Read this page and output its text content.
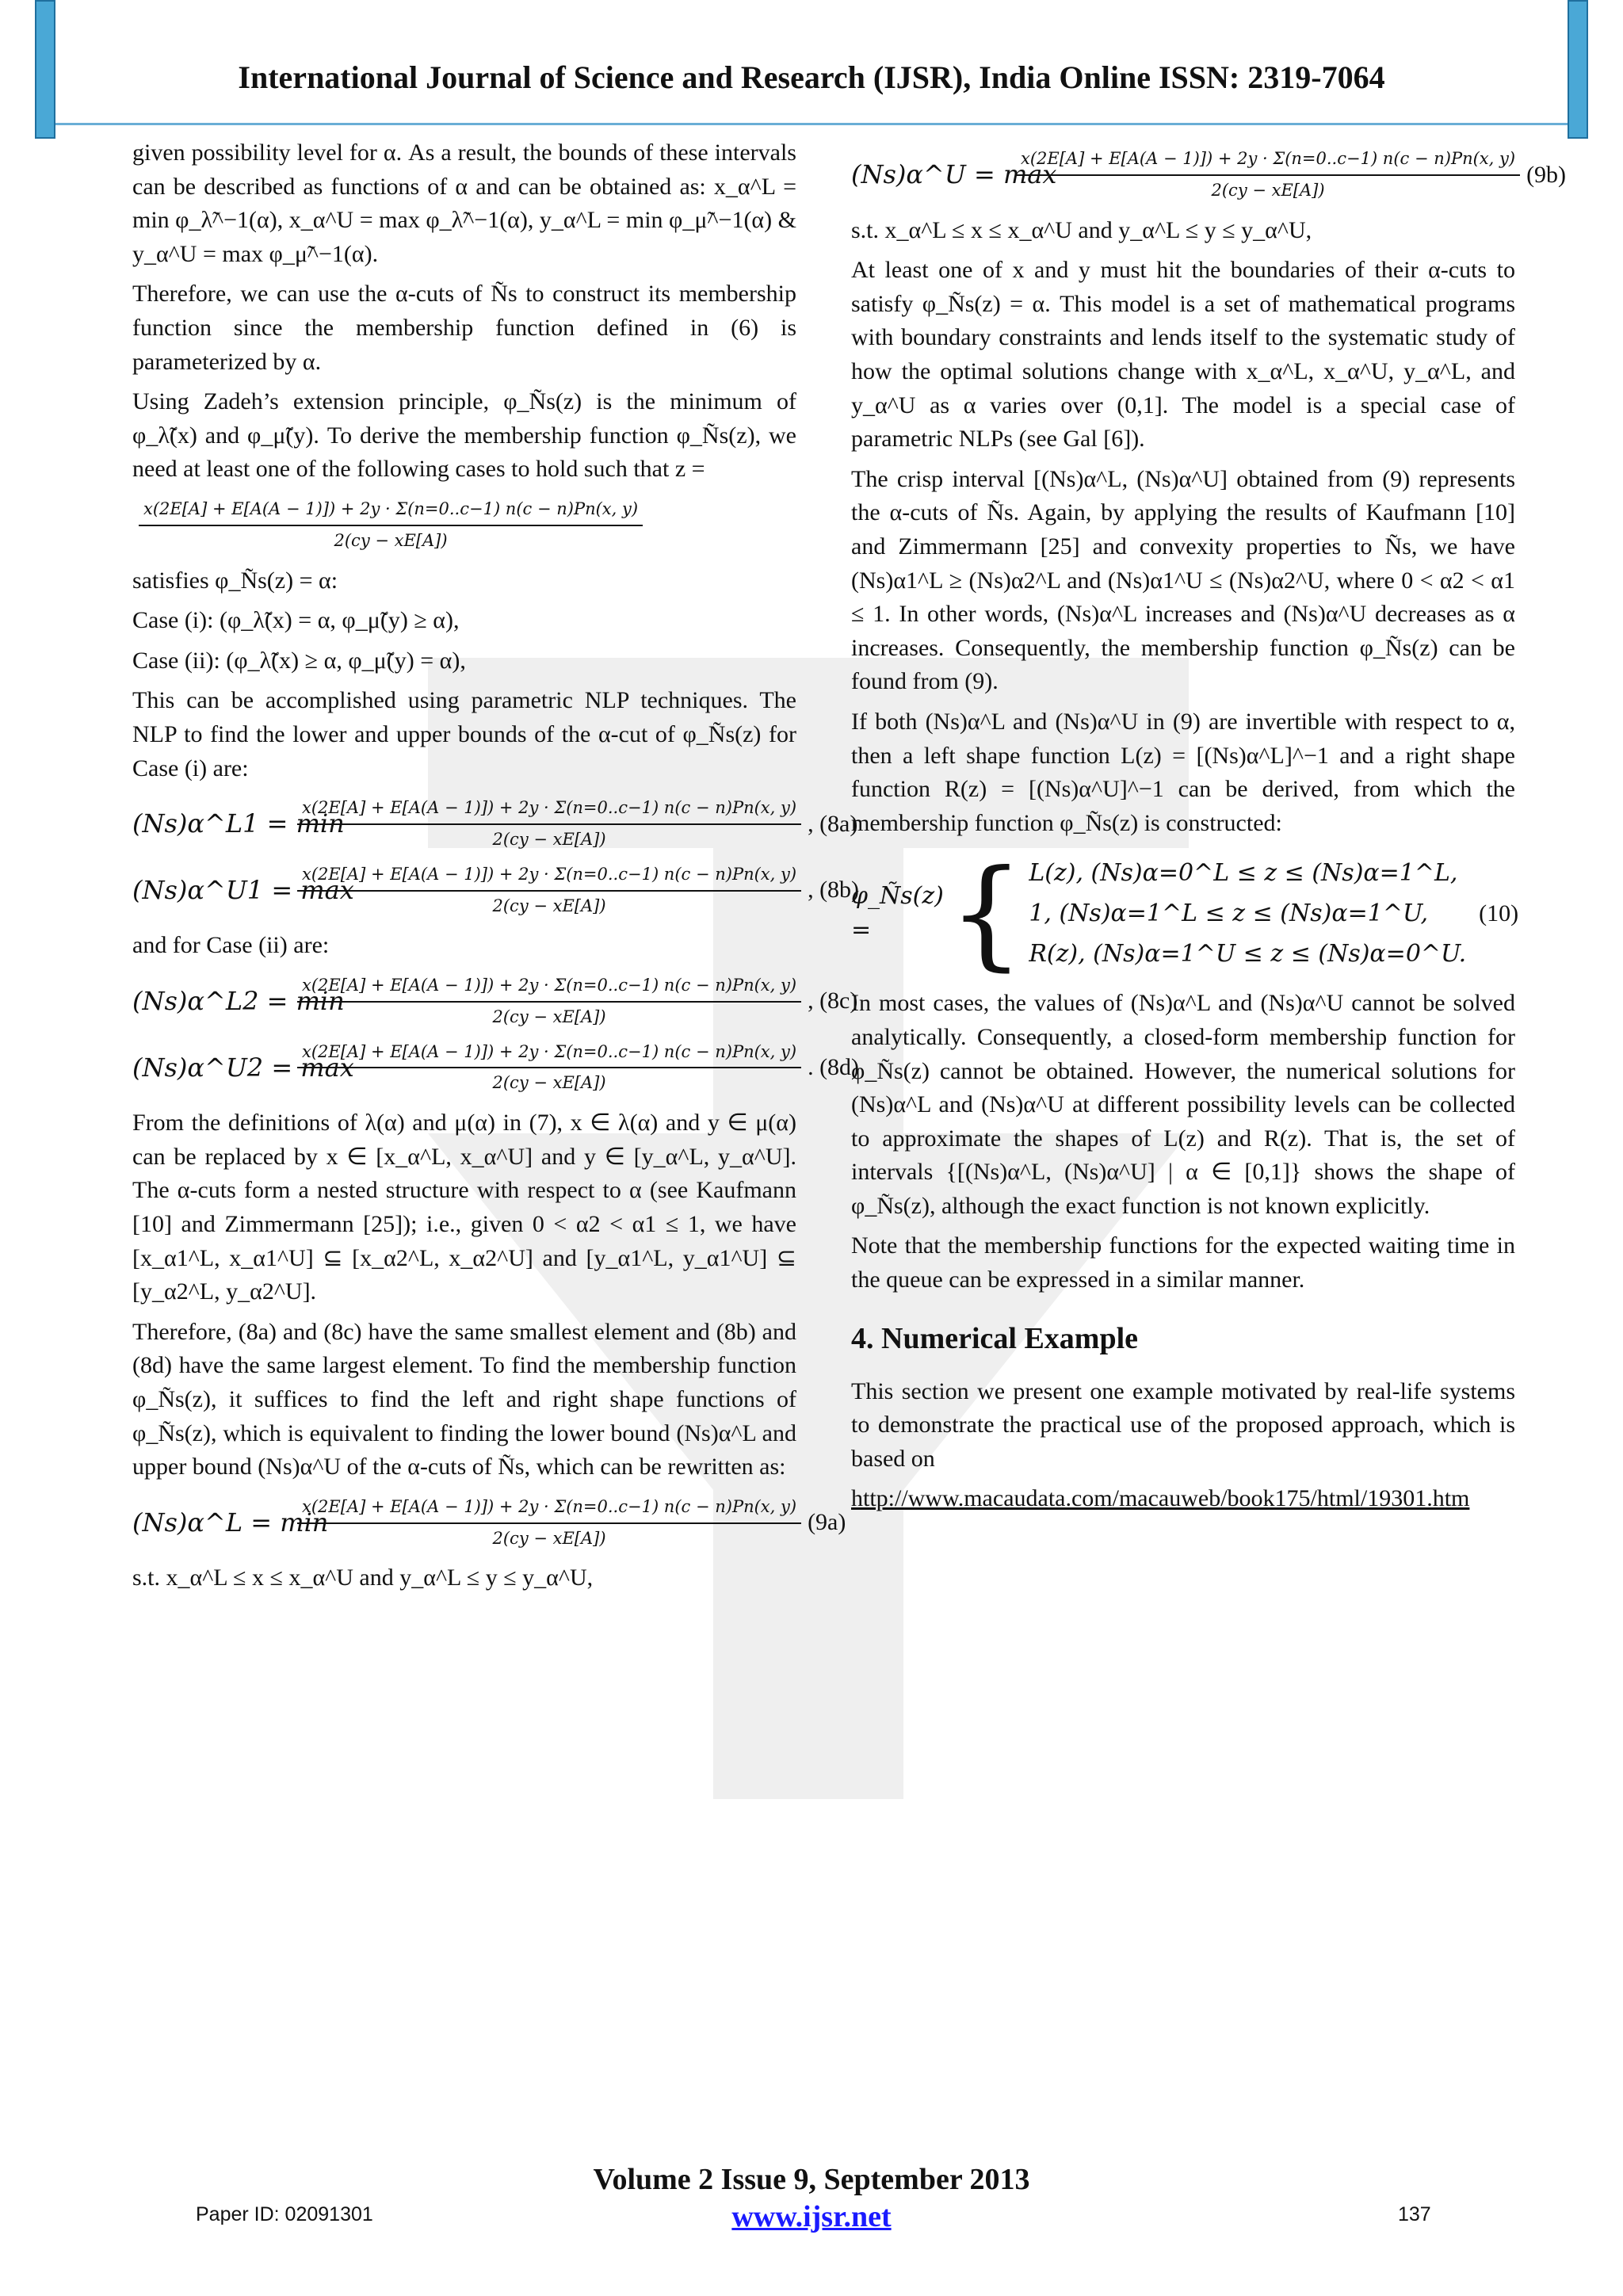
International Journal of Science and Research (IJSR), India Online ISSN: 2319-7064

given possibility level for α. As a result, the bounds of these intervals can be described as functions of α and can be obtained as: x_α^L = min φ_λ̃^−1(α), x_α^U = max φ_λ̃^−1(α), y_α^L = min φ_μ̃^−1(α) & y_α^U = max φ_μ̃^−1(α).

Therefore, we can use the α-cuts of Ñs to construct its membership function since the membership function defined in (6) is parameterized by α.

Using Zadeh’s extension principle, φ_Ñs(z) is the minimum of φ_λ̃(x) and φ_μ̃(y). To derive the membership function φ_Ñs(z), we need at least one of the following cases to hold such that z =

$\frac{x(2E[A] + E[A(A - 1)]) + 2y \cdot \Sigma(n=0..c-1) n(c - n)Pn(x, y)}{2(cy - xE[A])}$

satisfies φ_Ñs(z) = α:

Case (i): (φ_λ̃(x) = α, φ_μ̃(y) ≥ α),

Case (ii): (φ_λ̃(x) ≥ α, φ_μ̃(y) = α),

This can be accomplished using parametric NLP techniques. The NLP to find the lower and upper bounds of the α-cut of φ_Ñs(z) for Case (i) are:

(Ns)α^L1 = min
$\frac{x(2E[A] + E[A(A - 1)]) + 2y \cdot \Sigma(n=0..c-1) n(c - n)Pn(x, y)}{2(cy - xE[A])}$ , (8a)
(Ns)α^U1 = max
$\frac{x(2E[A] + E[A(A - 1)]) + 2y \cdot \Sigma(n=0..c-1) n(c - n)Pn(x, y)}{2(cy - xE[A])}$ , (8b)

and for Case (ii) are:

(Ns)α^L2 = min
$\frac{x(2E[A] + E[A(A - 1)]) + 2y \cdot \Sigma(n=0..c-1) n(c - n)Pn(x, y)}{2(cy - xE[A])}$ , (8c)
(Ns)α^U2 = max
$\frac{x(2E[A] + E[A(A - 1)]) + 2y \cdot \Sigma(n=0..c-1) n(c - n)Pn(x, y)}{2(cy - xE[A])}$ . (8d)

From the definitions of λ(α) and μ(α) in (7), x ∈ λ(α) and y ∈ μ(α) can be replaced by x ∈ [x_α^L, x_α^U] and y ∈ [y_α^L, y_α^U]. The α-cuts form a nested structure with respect to α (see Kaufmann [10] and Zimmermann [25]); i.e., given 0 < α2 < α1 ≤ 1, we have [x_α1^L, x_α1^U] ⊆ [x_α2^L, x_α2^U] and [y_α1^L, y_α1^U] ⊆ [y_α2^L, y_α2^U].

Therefore, (8a) and (8c) have the same smallest element and (8b) and (8d) have the same largest element. To find the membership function φ_Ñs(z), it suffices to find the left and right shape functions of φ_Ñs(z), which is equivalent to finding the lower bound (Ns)α^L and upper bound (Ns)α^U of the α-cuts of Ñs, which can be rewritten as:

(Ns)α^L = min
$\frac{x(2E[A] + E[A(A - 1)]) + 2y \cdot \Sigma(n=0..c-1) n(c - n)Pn(x, y)}{2(cy - xE[A])} (9a)$

s.t. x_α^L ≤ x ≤ x_α^U and y_α^L ≤ y ≤ y_α^U,

(Ns)α^U = max
$\frac{x(2E[A] + E[A(A - 1)]) + 2y \cdot \Sigma(n=0..c-1) n(c - n)Pn(x, y)}{2(cy - xE[A])} (9b)$

s.t. x_α^L ≤ x ≤ x_α^U and y_α^L ≤ y ≤ y_α^U,

At least one of x and y must hit the boundaries of their α-cuts to satisfy φ_Ñs(z) = α. This model is a set of mathematical programs with boundary constraints and lends itself to the systematic study of how the optimal solutions change with x_α^L, x_α^U, y_α^L, and y_α^U as α varies over (0,1]. The model is a special case of parametric NLPs (see Gal [6]).

The crisp interval [(Ns)α^L, (Ns)α^U] obtained from (9) represents the α-cuts of Ñs. Again, by applying the results of Kaufmann [10] and Zimmermann [25] and convexity properties to Ñs, we have (Ns)α1^L ≥ (Ns)α2^L and (Ns)α1^U ≤ (Ns)α2^U, where 0 < α2 < α1 ≤ 1. In other words, (Ns)α^L increases and (Ns)α^U decreases as α increases. Consequently, the membership function φ_Ñs(z) can be found from (9).

If both (Ns)α^L and (Ns)α^U in (9) are invertible with respect to α, then a left shape function L(z) = [(Ns)α^L]^−1 and a right shape function R(z) = [(Ns)α^U]^−1 can be derived, from which the membership function φ_Ñs(z) is constructed:

φ_Ñs(z) = { L(z), (Ns)α=0^L ≤ z ≤ (Ns)α=1^L,
1, (Ns)α=1^L ≤ z ≤ (Ns)α=1^U,
R(z), (Ns)α=1^U ≤ z ≤ (Ns)α=0^U.
(10)

In most cases, the values of (Ns)α^L and (Ns)α^U cannot be solved analytically. Consequently, a closed-form membership function for φ_Ñs(z) cannot be obtained. However, the numerical solutions for (Ns)α^L and (Ns)α^U at different possibility levels can be collected to approximate the shapes of L(z) and R(z). That is, the set of intervals {[(Ns)α^L, (Ns)α^U] | α ∈ [0,1]} shows the shape of φ_Ñs(z), although the exact function is not known explicitly.

Note that the membership functions for the expected waiting time in the queue can be expressed in a similar manner.

4. Numerical Example

This section we present one example motivated by real-life systems to demonstrate the practical use of the proposed approach, which is based on

http://www.macaudata.com/macauweb/book175/html/19301.htm
Volume 2 Issue 9, September 2013
www.ijsr.net
Paper ID: 02091301	137
